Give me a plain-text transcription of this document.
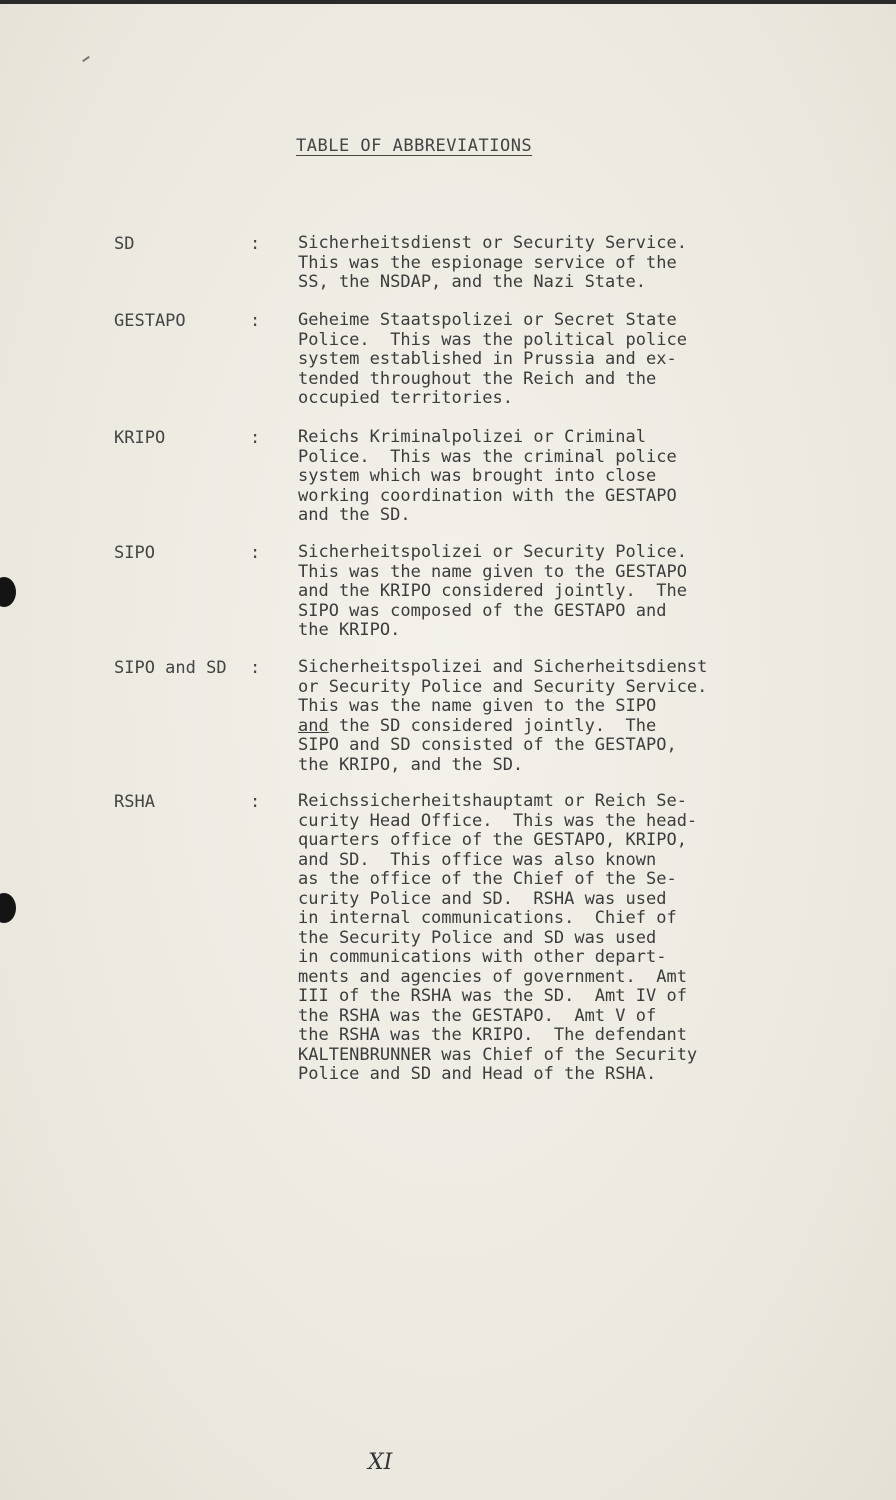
TABLE OF ABBREVIATIONS
SD	: Sicherheitsdienst or Security Service.
This was the espionage service of the
SS, the NSDAP, and the Nazi State.
GESTAPO	: Geheime Staatspolizei or Secret State
Police.  This was the political police
system established in Prussia and ex-
tended throughout the Reich and the
occupied territories.
KRIPO	: Reichs Kriminalpolizei or Criminal
Police.  This was the criminal police
system which was brought into close
working coordination with the GESTAPO
and the SD.
SIPO	: Sicherheitspolizei or Security Police.
This was the name given to the GESTAPO
and the KRIPO considered jointly.  The
SIPO was composed of the GESTAPO and
the KRIPO.
SIPO and SD : Sicherheitspolizei and Sicherheitsdienst
or Security Police and Security Service.
This was the name given to the SIPO
and the SD considered jointly.  The
SIPO and SD consisted of the GESTAPO,
the KRIPO, and the SD.
RSHA	: Reichssicherheitshauptamt or Reich Se-
curity Head Office.  This was the head-
quarters office of the GESTAPO, KRIPO,
and SD.  This office was also known
as the office of the Chief of the Se-
curity Police and SD.  RSHA was used
in internal communications.  Chief of
the Security Police and SD was used
in communications with other depart-
ments and agencies of government.  Amt
III of the RSHA was the SD.  Amt IV of
the RSHA was the GESTAPO.  Amt V of
the RSHA was the KRIPO.  The defendant
KALTENBRUNNER was Chief of the Security
Police and SD and Head of the RSHA.
XI
